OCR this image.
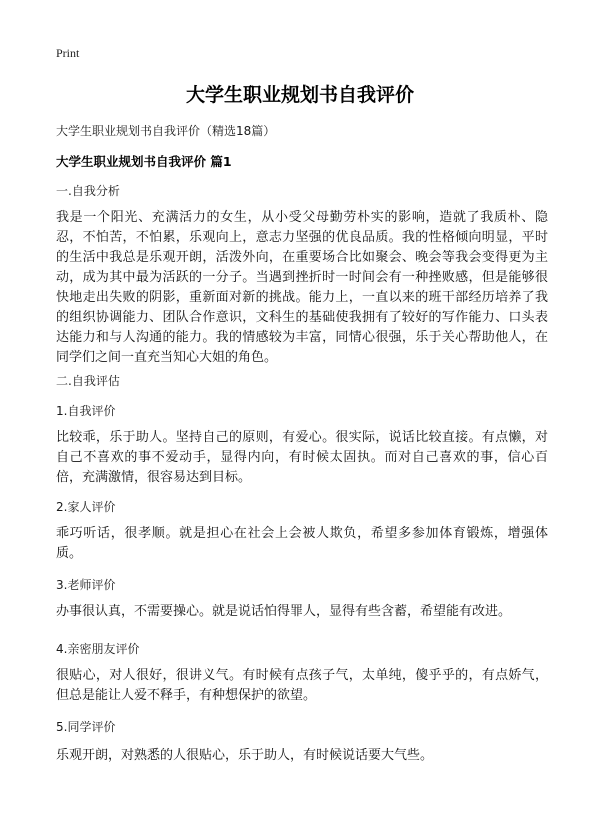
Print
大学生职业规划书自我评价
大学生职业规划书自我评价（精选18篇）
大学生职业规划书自我评价 篇1
一.自我分析
我是一个阳光、充满活力的女生，从小受父母勤劳朴实的影响，造就了我质朴、隐忍，不怕苦，不怕累，乐观向上，意志力坚强的优良品质。我的性格倾向明显，平时的生活中我总是乐观开朗，活泼外向，在重要场合比如聚会、晚会等我会变得更为主动，成为其中最为活跃的一分子。当遇到挫折时一时间会有一种挫败感，但是能够很快地走出失败的阴影，重新面对新的挑战。能力上，一直以来的班干部经历培养了我的组织协调能力、团队合作意识，文科生的基础使我拥有了较好的写作能力、口头表达能力和与人沟通的能力。我的情感较为丰富，同情心很强，乐于关心帮助他人，在同学们之间一直充当知心大姐的角色。
二.自我评估
1.自我评价
比较乖，乐于助人。坚持自己的原则，有爱心。很实际，说话比较直接。有点懒，对自己不喜欢的事不爱动手，显得内向，有时候太固执。而对自己喜欢的事，信心百倍，充满激情，很容易达到目标。
2.家人评价
乖巧听话，很孝顺。就是担心在社会上会被人欺负，希望多参加体育锻炼，增强体质。
3.老师评价
办事很认真，不需要操心。就是说话怕得罪人，显得有些含蓄，希望能有改进。
4.亲密朋友评价
很贴心，对人很好，很讲义气。有时候有点孩子气，太单纯，傻乎乎的，有点娇气，但总是能让人爱不释手，有种想保护的欲望。
5.同学评价
乐观开朗，对熟悉的人很贴心，乐于助人，有时候说话要大气些。
